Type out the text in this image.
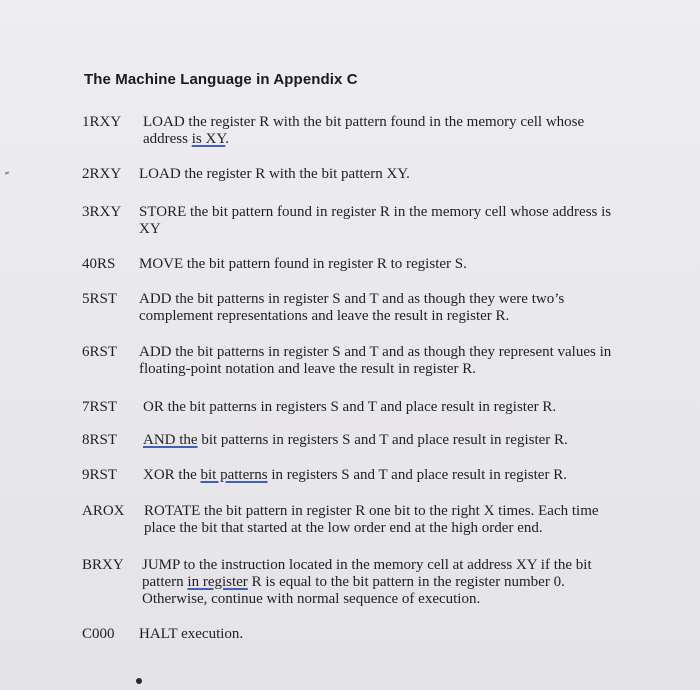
The Machine Language in Appendix C
1RXY LOAD the register R with the bit pattern found in the memory cell whose
address is XY.
2RXY LOAD the register R with the bit pattern XY.
3RXY STORE the bit pattern found in register R in the memory cell whose address is
XY
40RS MOVE the bit pattern found in register R to register S.
5RST ADD the bit patterns in register S and T and as though they were two’s
complement representations and leave the result in register R.
6RST ADD the bit patterns in register S and T and as though they represent values in
floating-point notation and leave the result in register R.
7RST OR the bit patterns in registers S and T and place result in register R.
8RST AND the bit patterns in registers S and T and place result in register R.
9RST XOR the bit patterns in registers S and T and place result in register R.
AROX ROTATE the bit pattern in register R one bit to the right X times. Each time
place the bit that started at the low order end at the high order end.
BRXY JUMP to the instruction located in the memory cell at address XY if the bit
pattern in register R is equal to the bit pattern in the register number 0.
Otherwise, continue with normal sequence of execution.
C000 HALT execution.
